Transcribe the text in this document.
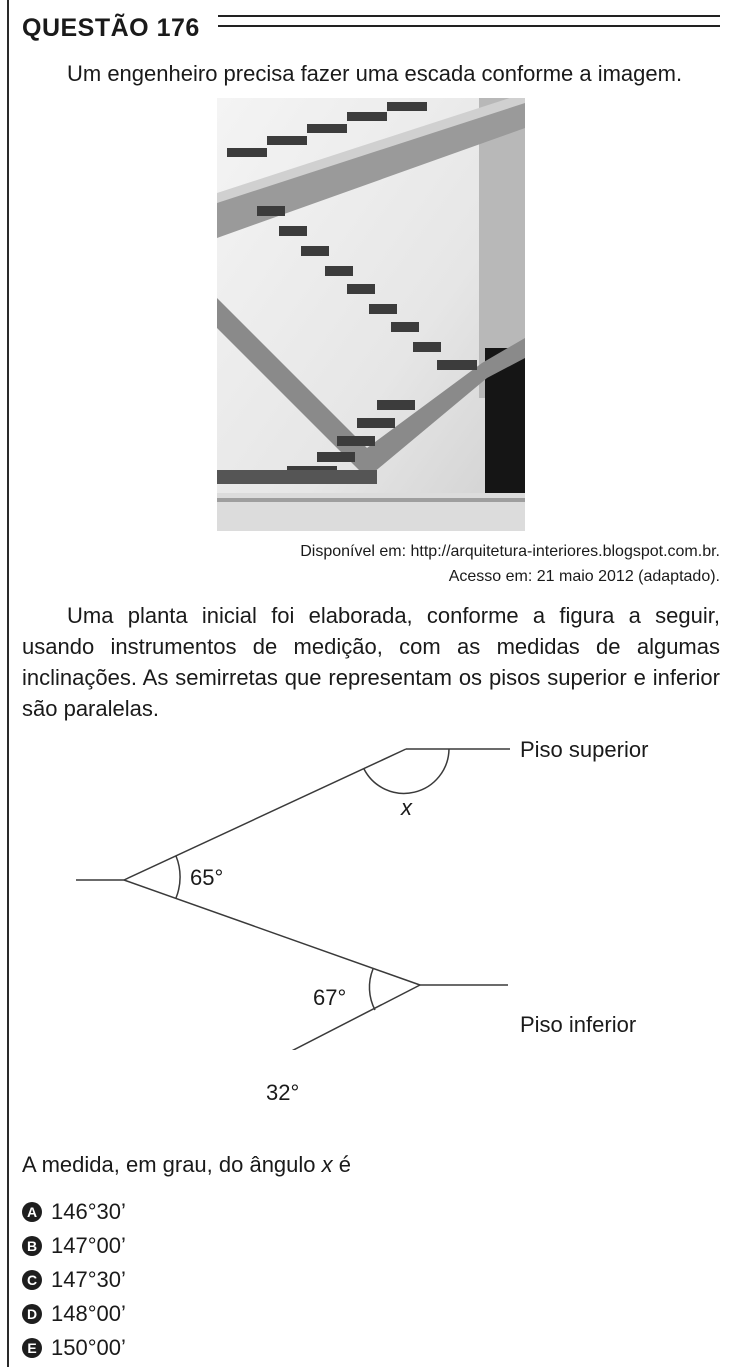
QUESTÃO 176

Um engenheiro precisa fazer uma escada conforme a imagem.

Disponível em: http://arquitetura-interiores.blogspot.com.br.
Acesso em: 21 maio 2012 (adaptado).

Uma planta inicial foi elaborada, conforme a figura a seguir, usando instrumentos de medição, com as medidas de algumas inclinações. As semirretas que representam os pisos superior e inferior são paralelas.

Piso superior
Piso inferior
x
65°
67°
32°

A medida, em grau, do ângulo x é

A 146°30’
B 147°00’
C 147°30’
D 148°00’
E 150°00’
